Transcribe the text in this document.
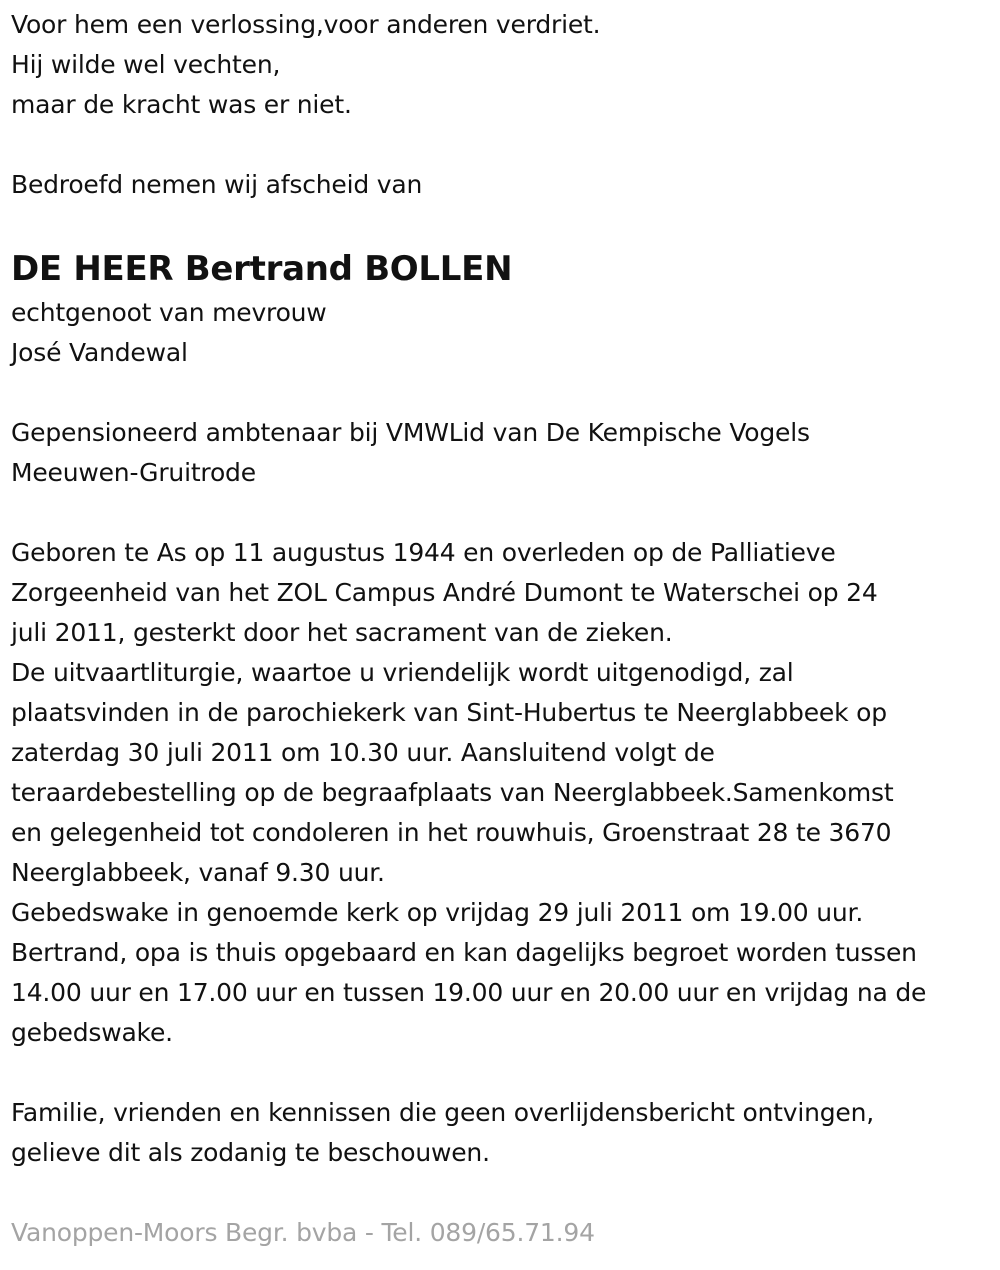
Voor hem een verlossing,voor anderen verdriet.
Hij wilde wel vechten,
maar de kracht was er niet.
Bedroefd nemen wij afscheid van
DE HEER Bertrand BOLLEN
echtgenoot van mevrouw
José Vandewal
Gepensioneerd ambtenaar bij VMWLid van De Kempische Vogels
Meeuwen-Gruitrode
Geboren te As op 11 augustus 1944 en overleden op de Palliatieve
Zorgeenheid van het ZOL Campus André Dumont te Waterschei op 24
juli 2011, gesterkt door het sacrament van de zieken.
De uitvaartliturgie, waartoe u vriendelijk wordt uitgenodigd, zal
plaatsvinden in de parochiekerk van Sint-Hubertus te Neerglabbeek op
zaterdag 30 juli 2011 om 10.30 uur. Aansluitend volgt de
teraardebestelling op de begraafplaats van Neerglabbeek.Samenkomst
en gelegenheid tot condoleren in het rouwhuis, Groenstraat 28 te 3670
Neerglabbeek, vanaf 9.30 uur.
Gebedswake in genoemde kerk op vrijdag 29 juli 2011 om 19.00 uur.
Bertrand, opa is thuis opgebaard en kan dagelijks begroet worden tussen
14.00 uur en 17.00 uur en tussen 19.00 uur en 20.00 uur en vrijdag na de
gebedswake.
Familie, vrienden en kennissen die geen overlijdensbericht ontvingen,
gelieve dit als zodanig te beschouwen.
Vanoppen-Moors Begr. bvba - Tel. 089/65.71.94
